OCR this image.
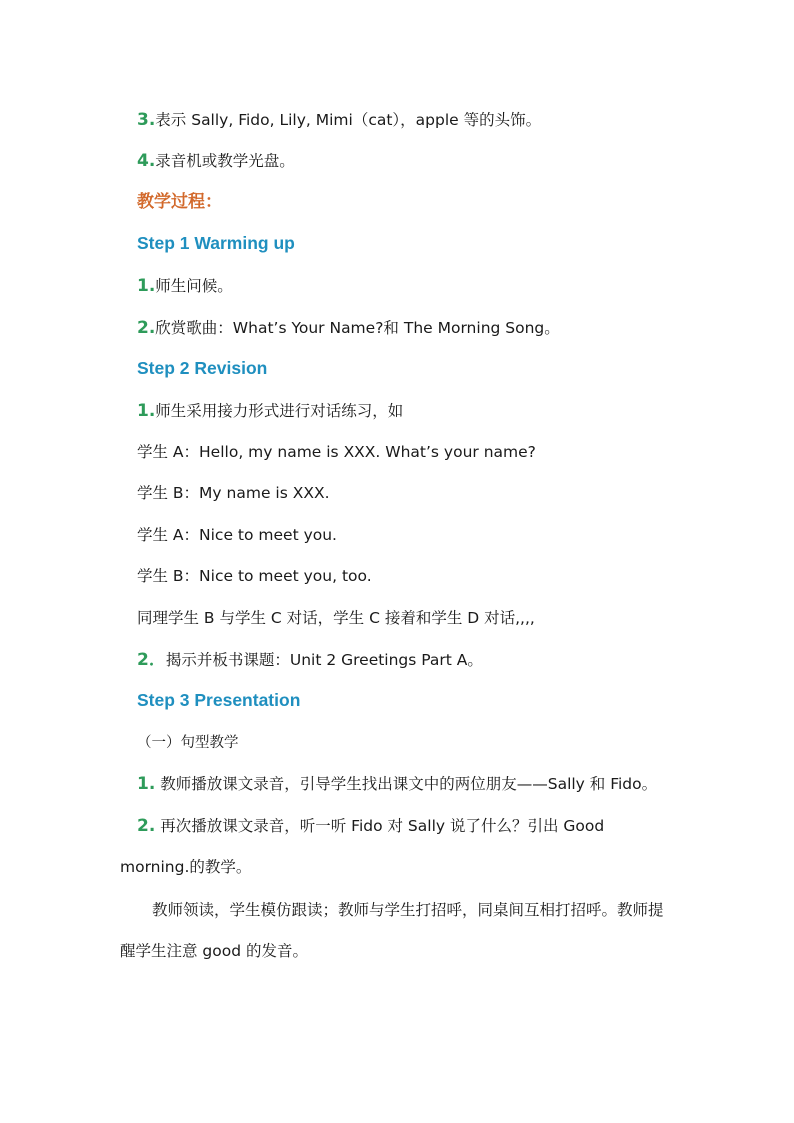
3.表示 Sally, Fido, Lily, Mimi（cat），apple 等的头饰。
4.录音机或教学光盘。
教学过程：
Step 1 Warming up
1.师生问候。
2.欣赏歌曲：What’s Your Name?和 The Morning Song。
Step 2 Revision
1.师生采用接力形式进行对话练习，如
学生 A：Hello, my name is XXX. What’s your name?
学生 B：My name is XXX.
学生 A：Nice to meet you.
学生 B：Nice to meet you, too.
同理学生 B 与学生 C 对话，学生 C 接着和学生 D 对话,,,,
2．揭示并板书课题：Unit 2 Greetings Part A。
Step 3 Presentation
（一）句型教学
1. 教师播放课文录音，引导学生找出课文中的两位朋友——Sally 和 Fido。
2. 再次播放课文录音，听一听 Fido 对 Sally 说了什么？引出 Good
morning.的教学。
教师领读，学生模仿跟读；教师与学生打招呼，同桌间互相打招呼。教师提
醒学生注意 good 的发音。
